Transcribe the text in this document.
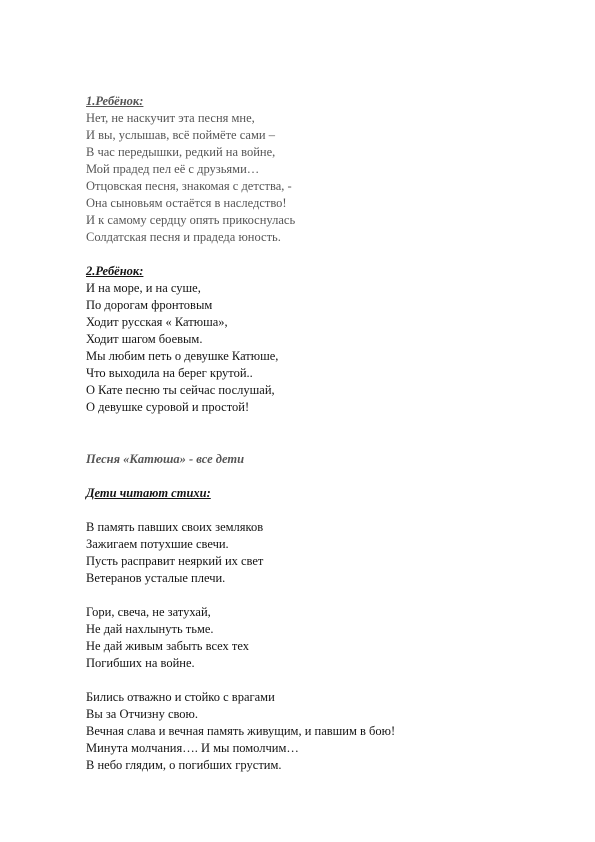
1.Ребёнок:
Нет, не наскучит эта песня мне,
И вы, услышав, всё поймёте сами –
В час передышки, редкий на войне,
Мой прадед пел её с друзьями…
Отцовская песня, знакомая с детства, -
Она сыновьям остаётся в наследство!
И к самому сердцу опять прикоснулась
Солдатская песня и прадеда юность.
2.Ребёнок:
И на море, и на суше,
По дорогам фронтовым
Ходит русская « Катюша»,
Ходит шагом боевым.
Мы любим петь о девушке Катюше,
Что выходила на берег крутой..
О Кате песню ты сейчас послушай,
О девушке суровой и простой!
Песня «Катюша» - все дети
Дети читают стихи:
В память павших своих земляков
Зажигаем потухшие свечи.
Пусть расправит неяркий их свет
Ветеранов усталые плечи.
Гори, свеча, не затухай,
Не дай нахлынуть тьме.
Не дай живым забыть всех тех
Погибших на войне.
Бились отважно и стойко с врагами
Вы за Отчизну свою.
Вечная слава и вечная память живущим, и павшим в бою!
Минута молчания…. И мы помолчим…
В небо глядим, о погибших грустим.
